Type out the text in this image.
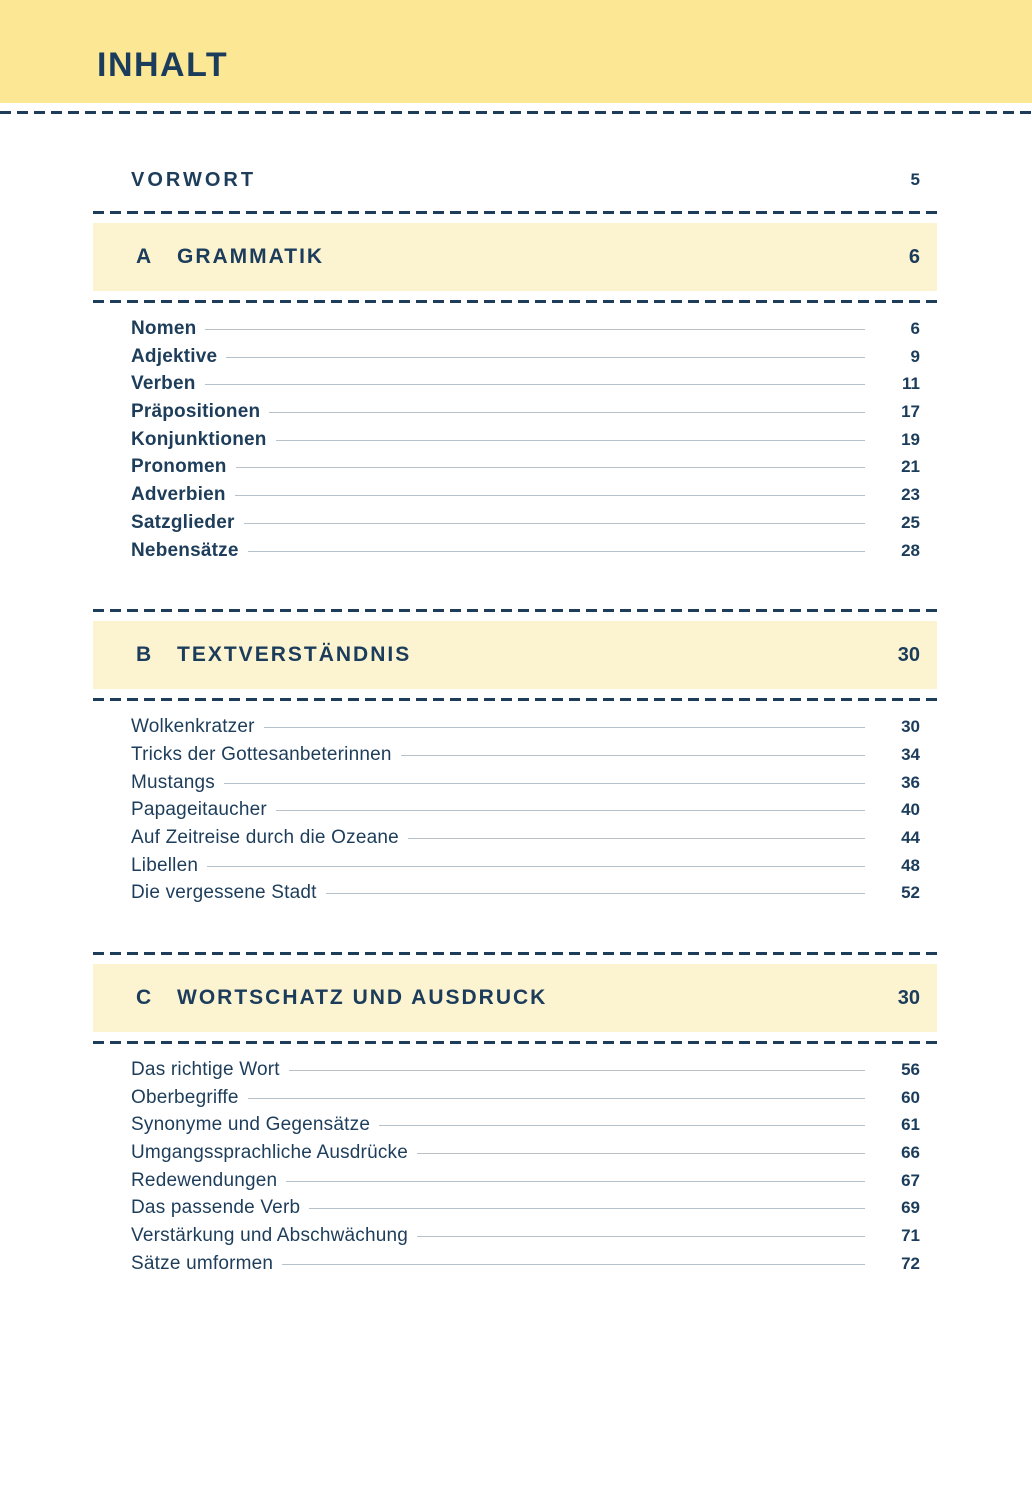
INHALT
VORWORT	5
A GRAMMATIK	6
Nomen	6
Adjektive	9
Verben	11
Präpositionen	17
Konjunktionen	19
Pronomen	21
Adverbien	23
Satzglieder	25
Nebensätze	28
B TEXTVERSTÄNDNIS	30
Wolkenkratzer	30
Tricks der Gottesanbeterinnen	34
Mustangs	36
Papageitaucher	40
Auf Zeitreise durch die Ozeane	44
Libellen	48
Die vergessene Stadt	52
C WORTSCHATZ UND AUSDRUCK	30
Das richtige Wort	56
Oberbegriffe	60
Synonyme und Gegensätze	61
Umgangssprachliche Ausdrücke	66
Redewendungen	67
Das passende Verb	69
Verstärkung und Abschwächung	71
Sätze umformen	72
